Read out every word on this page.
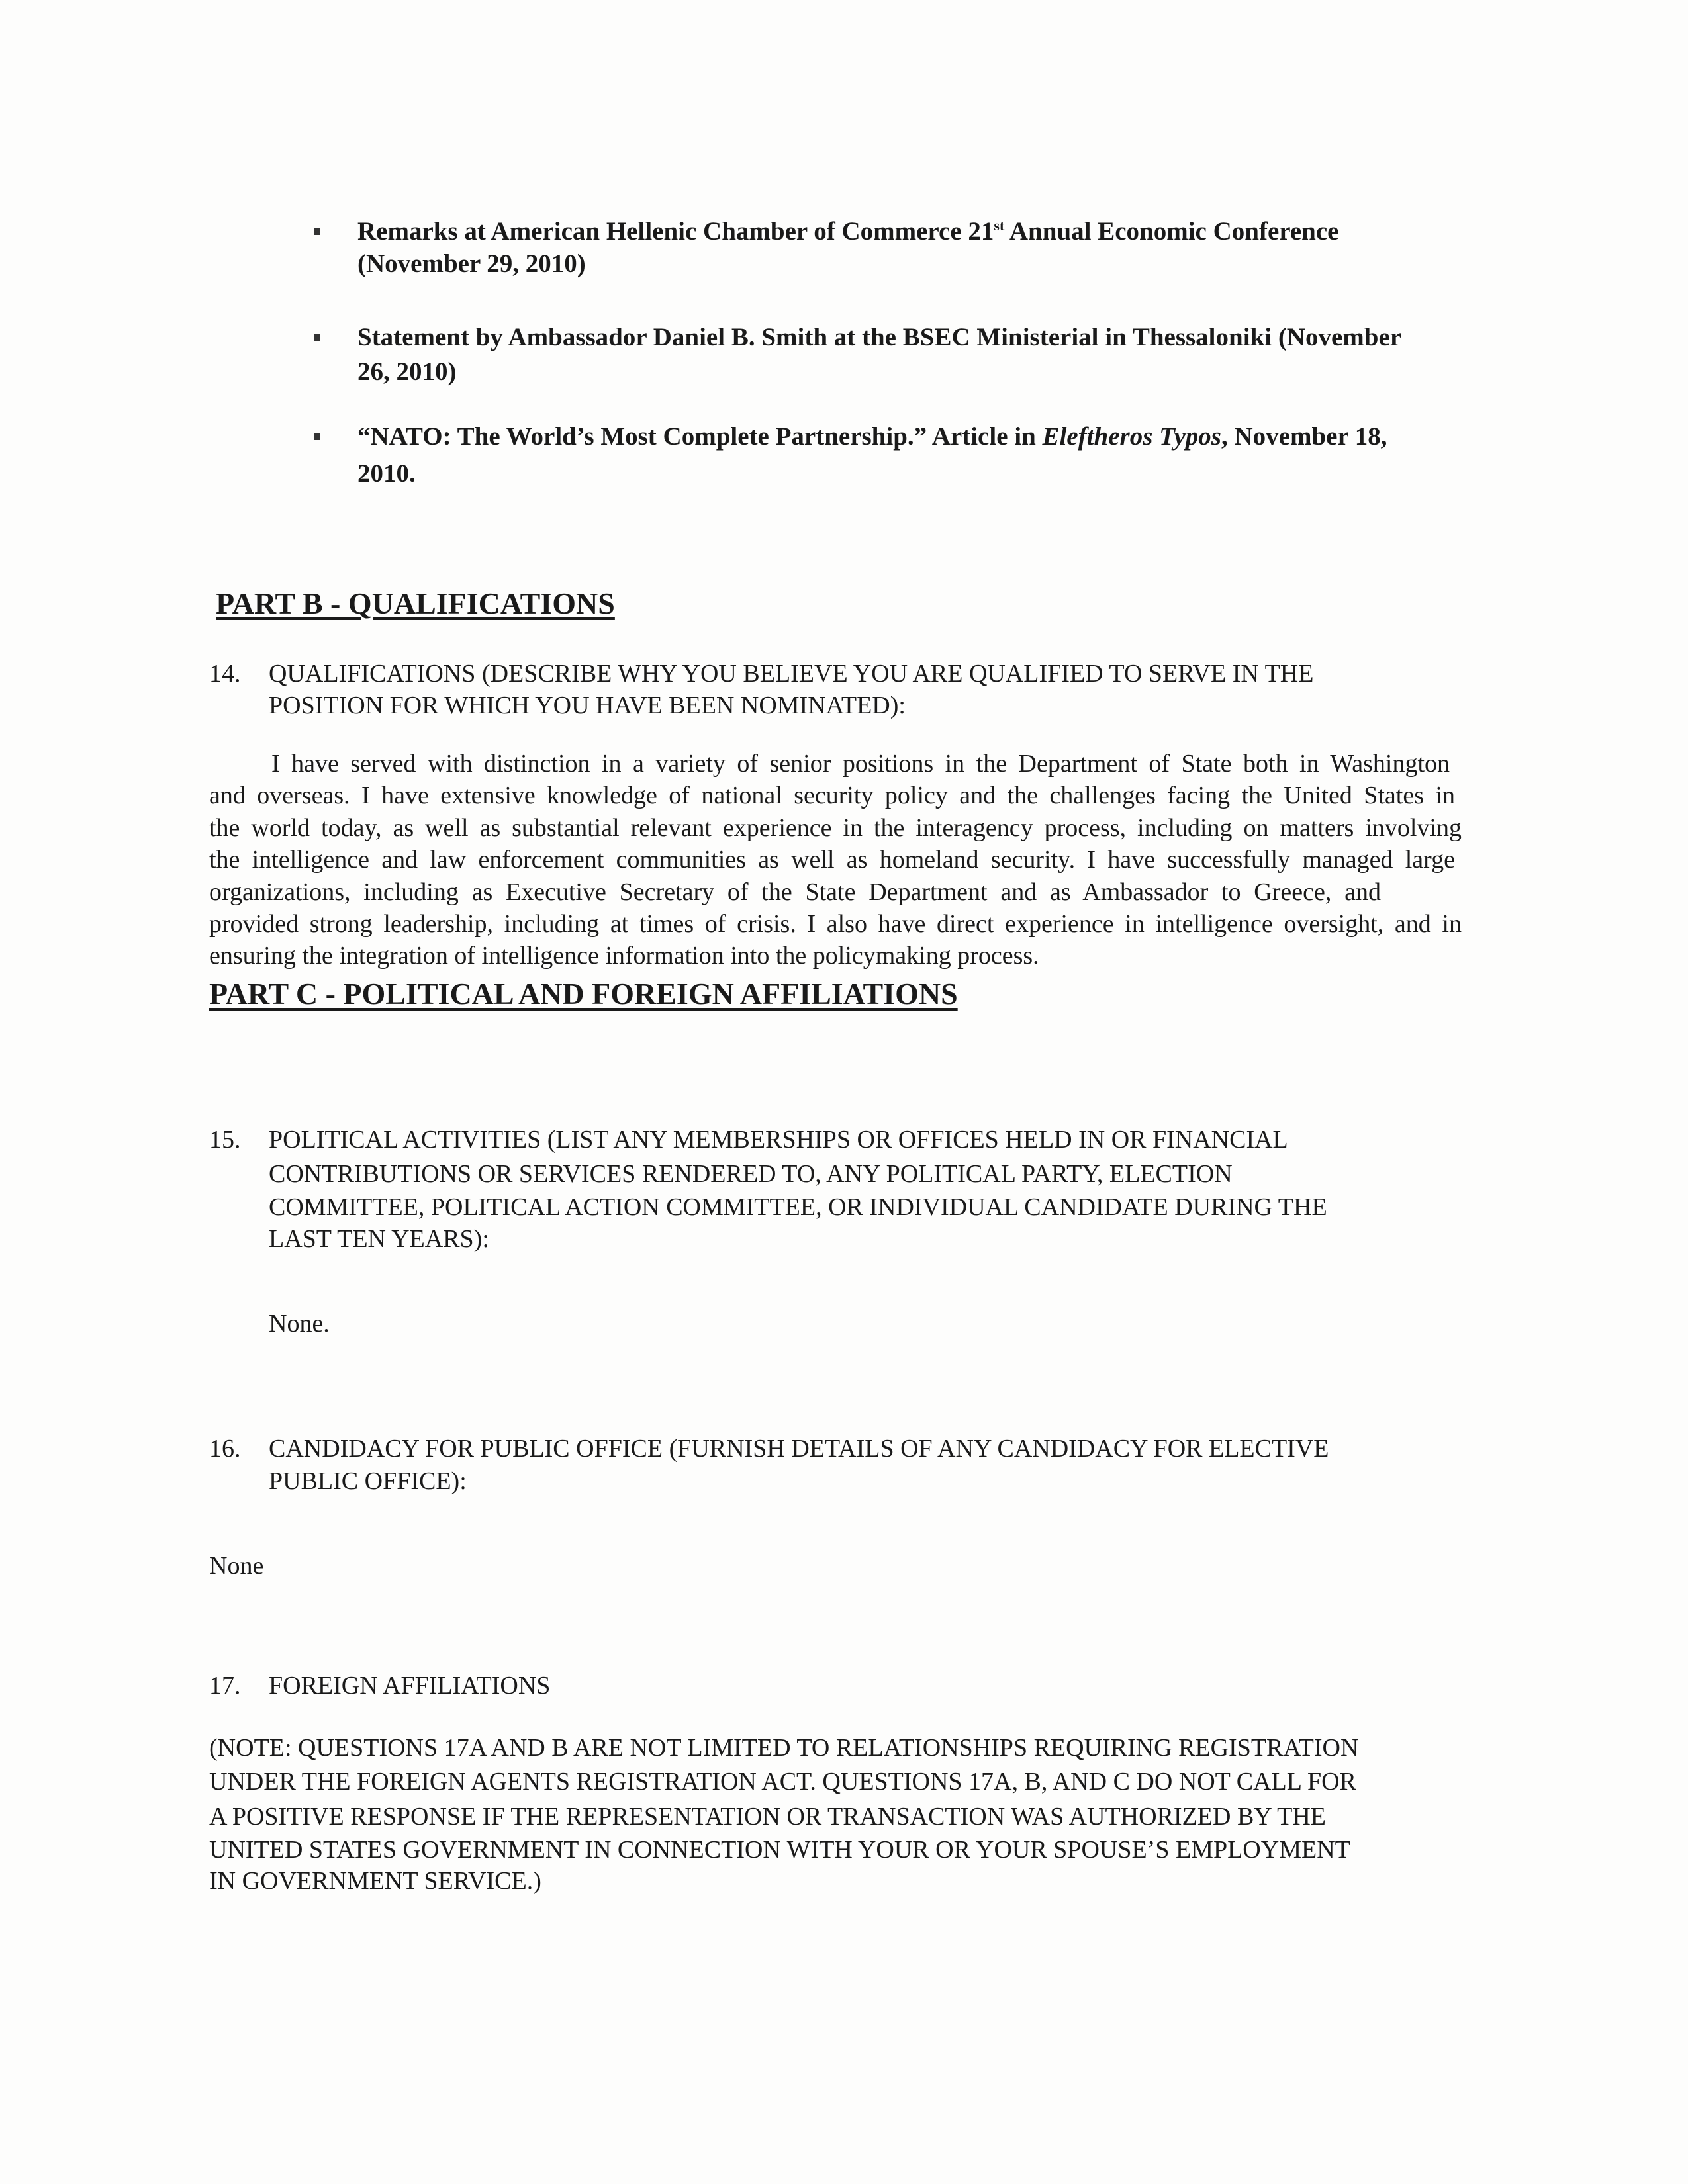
Remarks at American Hellenic Chamber of Commerce 21st Annual Economic Conference
(November 29, 2010)
Statement by Ambassador Daniel B. Smith at the BSEC Ministerial in Thessaloniki (November
26, 2010)
“NATO: The World’s Most Complete Partnership.” Article in Eleftheros Typos, November 18,
2010.
PART B - QUALIFICATIONS
14. QUALIFICATIONS (DESCRIBE WHY YOU BELIEVE YOU ARE QUALIFIED TO SERVE IN THE
POSITION FOR WHICH YOU HAVE BEEN NOMINATED):
I have served with distinction in a variety of senior positions in the Department of State both in Washington
and overseas. I have extensive knowledge of national security policy and the challenges facing the United States in
the world today, as well as substantial relevant experience in the interagency process, including on matters involving
the intelligence and law enforcement communities as well as homeland security. I have successfully managed large
organizations, including as Executive Secretary of the State Department and as Ambassador to Greece, and
provided strong leadership, including at times of crisis. I also have direct experience in intelligence oversight, and in
ensuring the integration of intelligence information into the policymaking process.
PART C - POLITICAL AND FOREIGN AFFILIATIONS
15. POLITICAL ACTIVITIES (LIST ANY MEMBERSHIPS OR OFFICES HELD IN OR FINANCIAL
CONTRIBUTIONS OR SERVICES RENDERED TO, ANY POLITICAL PARTY, ELECTION
COMMITTEE, POLITICAL ACTION COMMITTEE, OR INDIVIDUAL CANDIDATE DURING THE
LAST TEN YEARS):
None.
16. CANDIDACY FOR PUBLIC OFFICE (FURNISH DETAILS OF ANY CANDIDACY FOR ELECTIVE
PUBLIC OFFICE):
None
17. FOREIGN AFFILIATIONS
(NOTE: QUESTIONS 17A AND B ARE NOT LIMITED TO RELATIONSHIPS REQUIRING REGISTRATION
UNDER THE FOREIGN AGENTS REGISTRATION ACT. QUESTIONS 17A, B, AND C DO NOT CALL FOR
A POSITIVE RESPONSE IF THE REPRESENTATION OR TRANSACTION WAS AUTHORIZED BY THE
UNITED STATES GOVERNMENT IN CONNECTION WITH YOUR OR YOUR SPOUSE’S EMPLOYMENT
IN GOVERNMENT SERVICE.)
